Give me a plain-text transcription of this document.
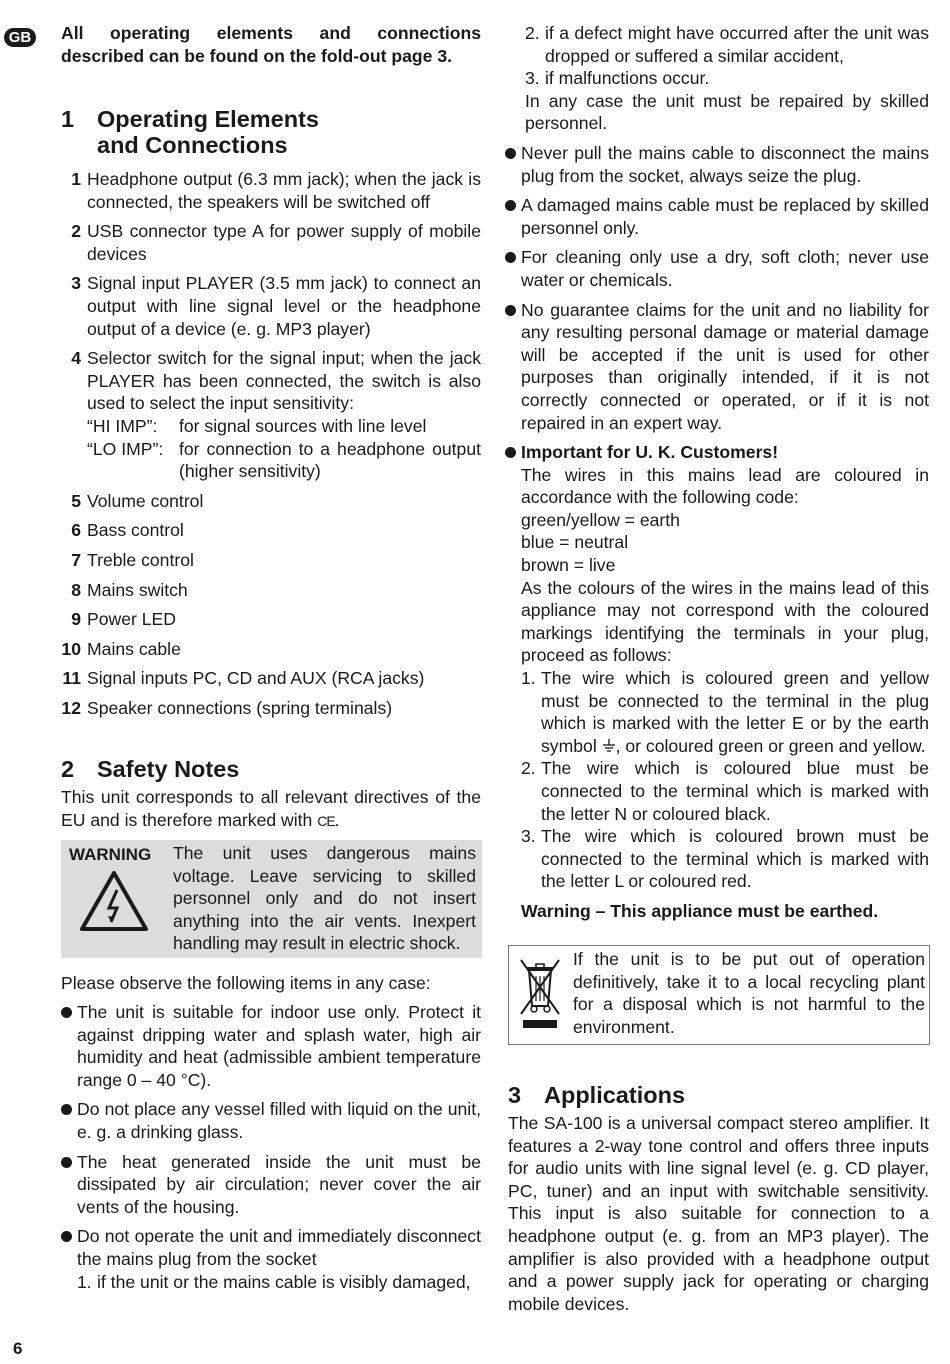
GB All operating elements and connections described can be found on the fold-out page 3.
1 Operating Elements
and Connections
1 Headphone output (6.3 mm jack); when the jack is connected, the speakers will be switched off
2 USB connector type A for power supply of mobile devices
3 Signal input PLAYER (3.5 mm jack) to connect an output with line signal level or the headphone output of a device (e. g. MP3 player)
4 Selector switch for the signal input; when the jack PLAYER has been connected, the switch is also used to select the input sensitivity:
“HI IMP”:	for signal sources with line level
“LO IMP”: for connection to a headphone output (higher sensitivity)
5 Volume control
6 Bass control
7 Treble control
8 Mains switch
9 Power LED
10 Mains cable
11 Signal inputs PC, CD and AUX (RCA jacks)
12 Speaker connections (spring terminals)
2 Safety Notes
This unit corresponds to all relevant directives of the EU and is therefore marked with CE.
WARNING The unit uses dangerous mains voltage. Leave servicing to skilled personnel only and do not insert anything into the air vents. Inexpert handling may result in electric shock.
Please observe the following items in any case:
The unit is suitable for indoor use only. Protect it against dripping water and splash water, high air humidity and heat (admissible ambient temperature range 0 – 40 °C).
Do not place any vessel filled with liquid on the unit, e. g. a drinking glass.
The heat generated inside the unit must be dissipated by air circulation; never cover the air vents of the housing.
Do not operate the unit and immediately disconnect the mains plug from the socket
1. if the unit or the mains cable is visibly damaged,
2. if a defect might have occurred after the unit was dropped or suffered a similar accident,
3. if malfunctions occur.
In any case the unit must be repaired by skilled personnel.
Never pull the mains cable to disconnect the mains plug from the socket, always seize the plug.
A damaged mains cable must be replaced by skilled personnel only.
For cleaning only use a dry, soft cloth; never use water or chemicals.
No guarantee claims for the unit and no liability for any resulting personal damage or material damage will be accepted if the unit is used for other purposes than originally intended, if it is not correctly connected or operated, or if it is not repaired in an expert way.
Important for U. K. Customers!
The wires in this mains lead are coloured in accordance with the following code:
green/yellow = earth
blue = neutral
brown = live
As the colours of the wires in the mains lead of this appliance may not correspond with the coloured markings identifying the terminals in your plug, proceed as follows:
1. The wire which is coloured green and yellow must be connected to the terminal in the plug which is marked with the letter E or by the earth symbol , or coloured green or green and yellow.
2. The wire which is coloured blue must be connected to the terminal which is marked with the letter N or coloured black.
3. The wire which is coloured brown must be connected to the terminal which is marked with the letter L or coloured red.
Warning – This appliance must be earthed.
If the unit is to be put out of operation definitively, take it to a local recycling plant for a disposal which is not harmful to the environment.
3 Applications
The SA-100 is a universal compact stereo amplifier. It features a 2-way tone control and offers three inputs for audio units with line signal level (e. g. CD player, PC, tuner) and an input with switchable sensitivity. This input is also suitable for connection to a headphone output (e. g. from an MP3 player). The amplifier is also provided with a headphone output and a power supply jack for operating or charging mobile devices.
6
